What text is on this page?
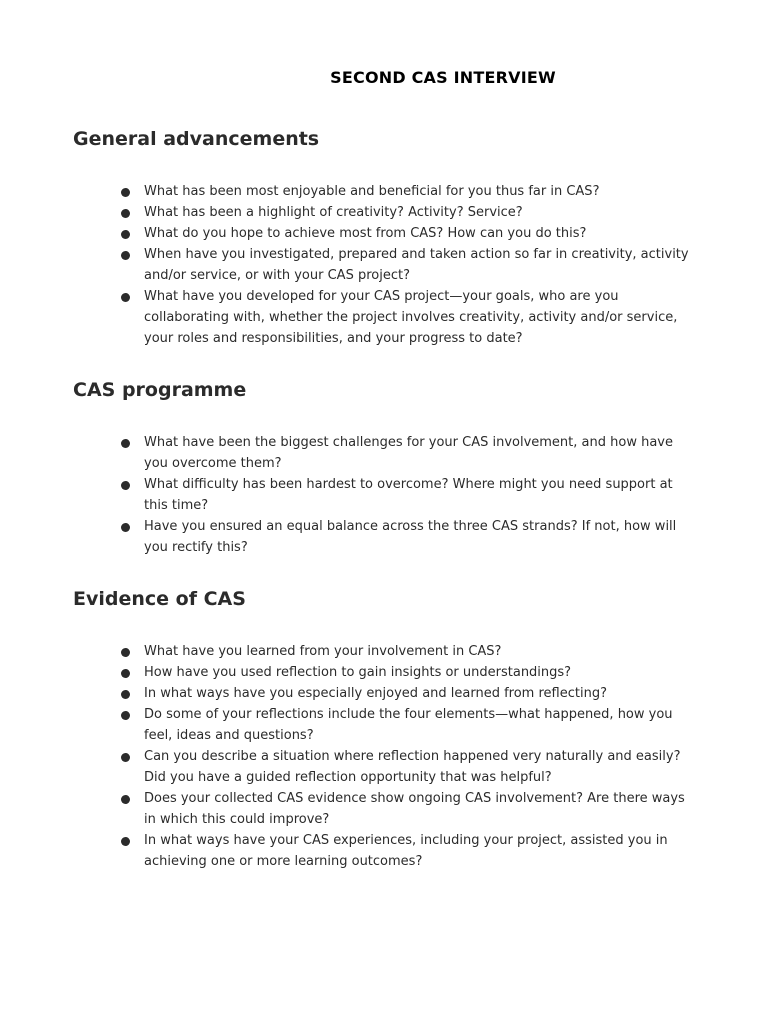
SECOND CAS INTERVIEW
General advancements
What has been most enjoyable and beneficial for you thus far in CAS?
What has been a highlight of creativity? Activity? Service?
What do you hope to achieve most from CAS? How can you do this?
When have you investigated, prepared and taken action so far in creativity, activity and/or service, or with your CAS project?
What have you developed for your CAS project—your goals, who are you collaborating with, whether the project involves creativity, activity and/or service, your roles and responsibilities, and your progress to date?
CAS programme
What have been the biggest challenges for your CAS involvement, and how have you overcome them?
What difficulty has been hardest to overcome? Where might you need support at this time?
Have you ensured an equal balance across the three CAS strands? If not, how will you rectify this?
Evidence of CAS
What have you learned from your involvement in CAS?
How have you used reflection to gain insights or understandings?
In what ways have you especially enjoyed and learned from reflecting?
Do some of your reflections include the four elements—what happened, how you feel, ideas and questions?
Can you describe a situation where reflection happened very naturally and easily? Did you have a guided reflection opportunity that was helpful?
Does your collected CAS evidence show ongoing CAS involvement? Are there ways in which this could improve?
In what ways have your CAS experiences, including your project, assisted you in achieving one or more learning outcomes?
